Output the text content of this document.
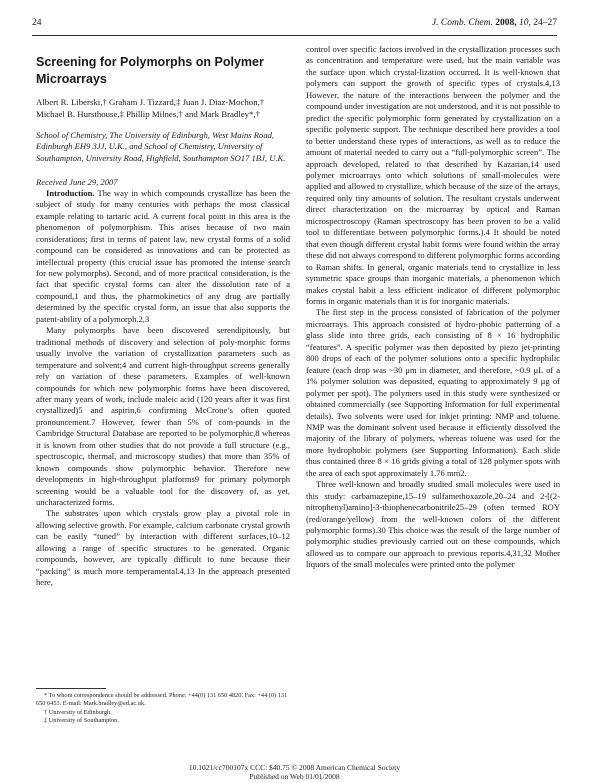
24	J. Comb. Chem. 2008, 10, 24–27
Screening for Polymorphs on Polymer Microarrays
Albert R. Liberski,† Graham J. Tizzard,‡ Juan J. Diaz-Mochon,† Michael B. Hursthouse,‡ Phillip Milnes,† and Mark Bradley*,†
School of Chemistry, The University of Edinburgh, West Mains Road, Edinburgh EH9 3JJ, U.K., and School of Chemistry, University of Southampton, University Road, Highfield, Southampton SO17 1BJ, U.K.
Received June 29, 2007

Introduction. The way in which compounds crystallize has been the subject of study for many centuries with perhaps the most classical example relating to tartaric acid. A current focal point in this area is the phenomenon of polymorphism. This arises because of two main considerations; first in terms of patent law, new crystal forms of a solid compound can be considered as innovations and can be protected as intellectual property (this crucial issue has promoted the intense search for new polymorphs). Second, and of more practical consideration, is the fact that specific crystal forms can alter the dissolution rate of a compound,1 and thus, the pharmokinetics of any drug are partially determined by the specific crystal form, an issue that also supports the patent-ability of a polymorph.2,3

Many polymorphs have been discovered serendipitously, but traditional methods of discovery and selection of poly-morphic forms usually involve the variation of crystallization parameters such as temperature and solvent;4 and current high-throughput screens generally rely on variation of these parameters. Examples of well-known compounds for which new polymorphic forms have been discovered, after many years of work, include maleic acid (120 years after it was first crystallized)5 and aspirin,6 confirming McCrone’s often quoted pronouncement.7 However, fewer than 5% of com-pounds in the Cambridge Structural Database are reported to be polymorphic,8 whereas it is known from other studies that do not provide a full structure (e.g., spectroscopic, thermal, and microscopy studies) that more than 35% of known compounds show polymorphic behavior. Therefore new developments in high-throughput platforms9 for primary polymorph screening would be a valuable tool for the discovery of, as yet, uncharacterized forms.

The substrates upon which crystals grow play a pivotal role in allowing selective growth. For example, calcium carbonate crystal growth can be easily “tuned” by interaction with different surfaces,10–12 allowing a range of specific structures to be generated. Organic compounds, however, are typically difficult to tune because their “packing” is much more temperamental.4,13 In the approach presented here,

control over specific factors involved in the crystallization processes such as concentration and temperature were used, but the main variable was the surface upon which crystal-lization occurred. It is well-known that polymers can support the growth of specific types of crystals.4,13 However, the nature of the interactions between the polymer and the compound under investigation are not understood, and it is not possible to predict the specific polymorphic form generated by crystallization on a specific polymeric support. The technique described here provides a tool to better understand these types of interactions, as well as to reduce the amount of material needed to carry out a “full-polymorphic screen”. The approach developed, related to that described by Kazarian,14 used polymer microarrays onto which solutions of small-molecules were applied and allowed to crystallize, which because of the size of the arrays, required only tiny amounts of solution. The resultant crystals underwent direct characterization on the microarray by optical and Raman microspectroscopy (Raman spectroscopy has been proven to be a valid tool to differentiate between polymorphic forms.).4 It should be noted that even though different crystal habit forms were found within the array these did not always correspond to different polymorphic forms according to Raman shifts. In general, organic materials tend to crystallize in less symmetric space groups than inorganic materials, a phenomenon which makes crystal habit a less efficient indicator of different polymorphic forms in organic materials than it is for inorganic materials.

The first step in the process consisted of fabrication of the polymer microarrays. This approach consisted of hydro-phobic patterning of a glass slide into three grids, each consisting of 8 × 16 hydrophilic “features”. A specific polymer was then deposited by piezo jet-printing 800 drops of each of the polymer solutions onto a specific hydrophilic feature (each drop was ~30 μm in diameter, and therefore, ~0.9 μL of a 1% polymer solution was deposited, equating to approximately 9 μg of polymer per spot). The polymers used in this study were synthesized or obtained commercially (see Supporting Information for full experimental details). Two solvents were used for inkjet printing: NMP and toluene. NMP was the dominant solvent used because it efficiently dissolved the majority of the library of polymers, whereas toluene was used for the more hydrophobic polymers (see Supporting Information). Each slide thus contained three 8 × 16 grids giving a total of 128 polymer spots with the area of each spot approximately 1.76 mm2.

Three well-known and broadly studied small molecules were used in this study: carbamazepine,15–19 sulfamethoxazole,20–24 and 2-[(2-nitrophenyl)amino]-3-thiophenecarbonitrile25–29 (often termed ROY (red/orange/yellow) from the well-known colors of the different polymorphic forms).30 This choice was the result of the large number of polymorphic studies previously carried out on these compounds, which allowed us to compare our approach to previous reports.4,31,32 Mother liquors of the small molecules were printed onto the polymer

* To whom correspondence should be addressed. Phone: +44(0) 131 650 4820. Fax: +44 (0) 131 650 6453. E-mail: Mark.bradley@ed.ac.uk.
† University of Edinburgh.
‡ University of Southampton.
10.1021/cc700107x CCC: $40.75 © 2008 American Chemical Society
Published on Web 01/01/2008
